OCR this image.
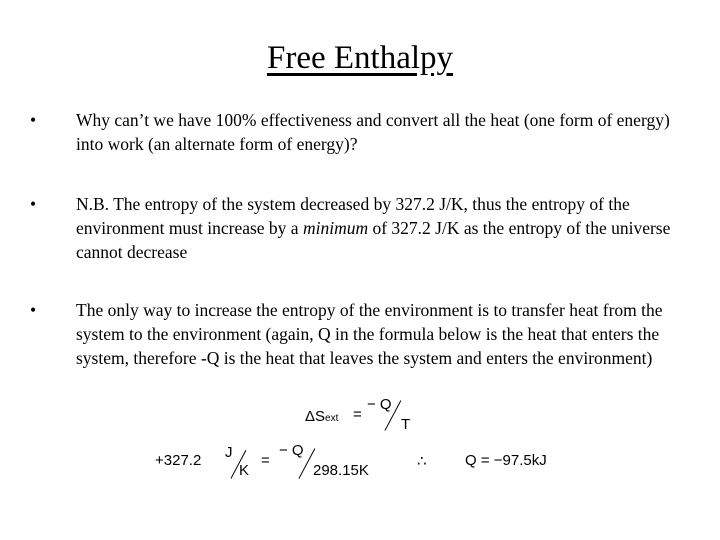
Free Enthalpy
• Why can’t we have 100% effectiveness and convert all the heat (one form of energy) into work (an alternate form of energy)?
• N.B. The entropy of the system decreased by 327.2 J/K, thus the entropy of the environment must increase by a minimum of 327.2 J/K as the entropy of the universe cannot decrease
• The only way to increase the entropy of the environment is to transfer heat from the system to the environment (again, Q in the formula below is the heat that enters the system, therefore -Q is the heat that leaves the system and enters the environment)
ΔSext =
− Q
T
+327.2 J
K
=
− Q
298.15K
∴	Q = −97.5kJ
